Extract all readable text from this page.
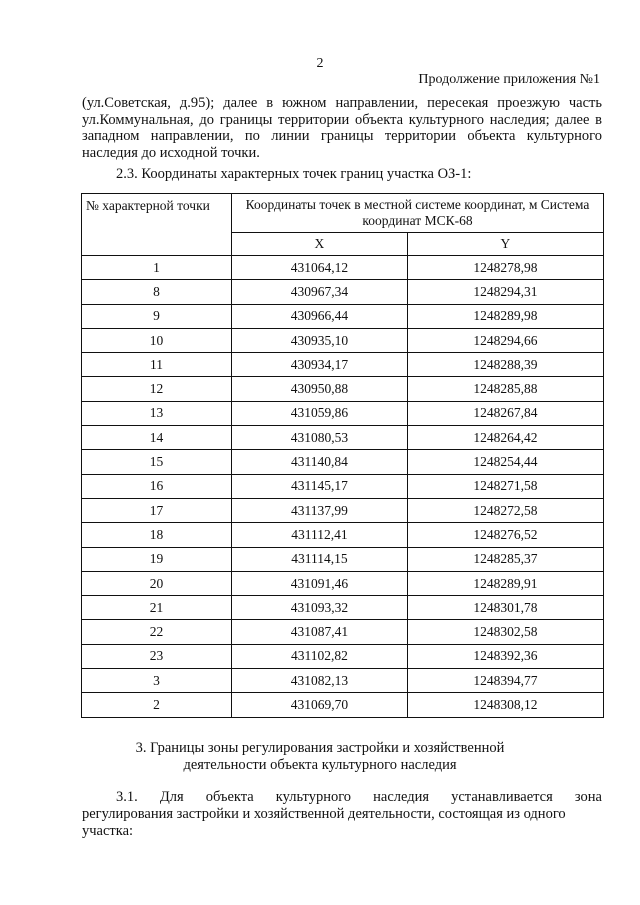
2
Продолжение приложения №1
(ул.Советская, д.95); далее в южном направлении, пересекая проезжую часть ул.Коммунальная, до границы территории объекта культурного наследия; далее в западном направлении, по линии границы территории объекта культурного наследия до исходной точки.
2.3. Координаты характерных точек границ участка ОЗ-1:
№ характерной точки	Координаты точек в местной системе координат, м Система координат МСК-68	
	X	Y
1	431064,12	1248278,98
8	430967,34	1248294,31
9	430966,44	1248289,98
10	430935,10	1248294,66
11	430934,17	1248288,39
12	430950,88	1248285,88
13	431059,86	1248267,84
14	431080,53	1248264,42
15	431140,84	1248254,44
16	431145,17	1248271,58
17	431137,99	1248272,58
18	431112,41	1248276,52
19	431114,15	1248285,37
20	431091,46	1248289,91
21	431093,32	1248301,78
22	431087,41	1248302,58
23	431102,82	1248392,36
3	431082,13	1248394,77
2	431069,70	1248308,12
3. Границы зоны регулирования застройки и хозяйственной
деятельности объекта культурного наследия
3.1. Для объекта культурного наследия устанавливается зона
регулирования застройки и хозяйственной деятельности, состоящая из одного участка:
